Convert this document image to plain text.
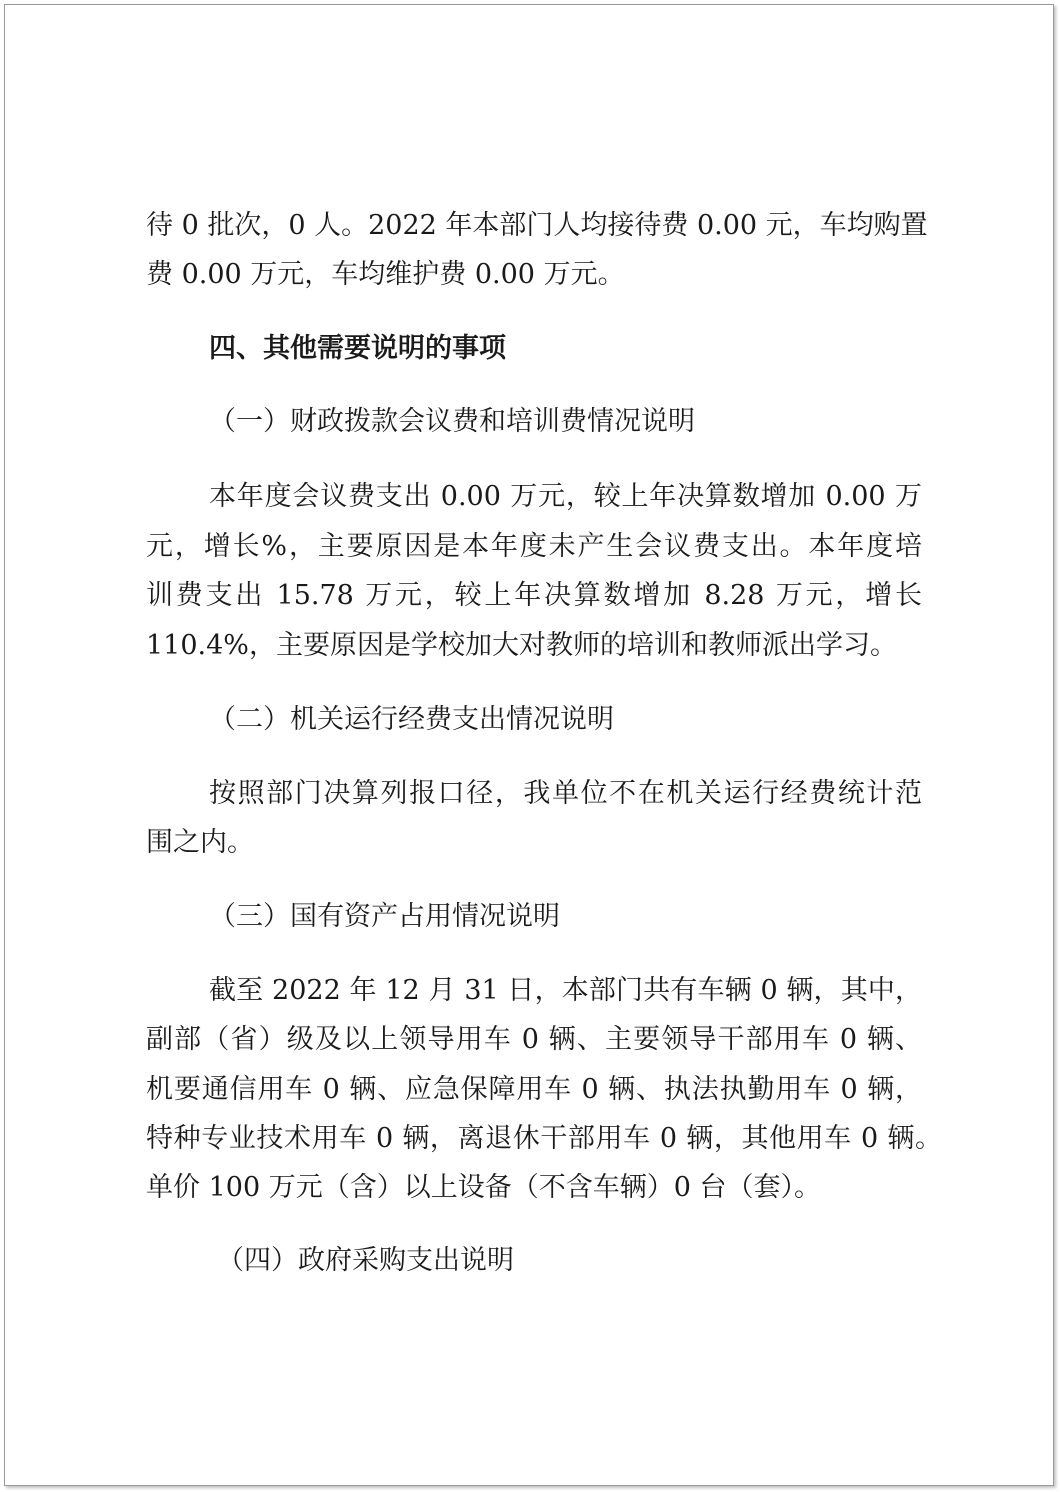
待 0 批次，0 人。2022 年本部门人均接待费 0.00 元，车均购置
费 0.00 万元，车均维护费 0.00 万元。
四、其他需要说明的事项
（一）财政拨款会议费和培训费情况说明
本年度会议费支出 0.00 万元，较上年决算数增加 0.00 万
元，增长%，主要原因是本年度未产生会议费支出。本年度培
训费支出 15.78 万元，较上年决算数增加 8.28 万元，增长
110.4%，主要原因是学校加大对教师的培训和教师派出学习。
（二）机关运行经费支出情况说明
按照部门决算列报口径，我单位不在机关运行经费统计范
围之内。
（三）国有资产占用情况说明
截至 2022 年 12 月 31 日，本部门共有车辆 0 辆，其中，
副部（省）级及以上领导用车 0 辆、主要领导干部用车 0 辆、
机要通信用车 0 辆、应急保障用车 0 辆、执法执勤用车 0 辆，
特种专业技术用车 0 辆，离退休干部用车 0 辆，其他用车 0 辆。
单价 100 万元（含）以上设备（不含车辆）0 台（套）。
（四）政府采购支出说明
